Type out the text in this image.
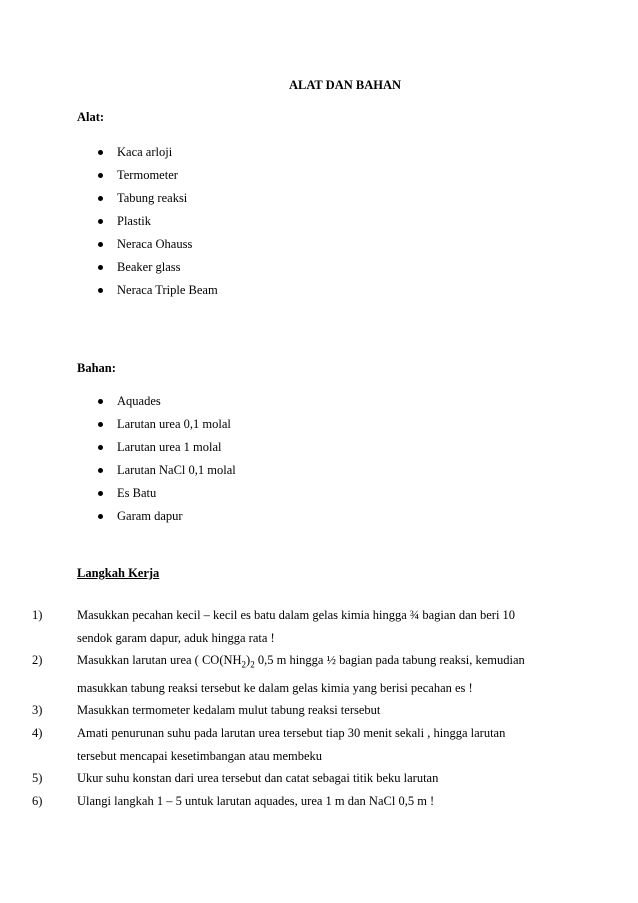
ALAT DAN BAHAN
Alat:
Kaca arloji
Termometer
Tabung reaksi
Plastik
Neraca Ohauss
Beaker glass
Neraca Triple Beam
Bahan:
Aquades
Larutan urea 0,1 molal
Larutan urea 1 molal
Larutan NaCl 0,1 molal
Es Batu
Garam dapur
Langkah Kerja
1)	Masukkan pecahan kecil – kecil es batu dalam gelas kimia hingga ¾ bagian dan beri 10
sendok garam dapur, aduk hingga rata !
2)	Masukkan larutan urea ( $CO(NH_2)_2$ 0,5 m hingga ½ bagian pada tabung reaksi, kemudian
masukkan tabung reaksi tersebut ke dalam gelas kimia yang berisi pecahan es !
3)	Masukkan termometer kedalam mulut tabung reaksi tersebut
4)	Amati penurunan suhu pada larutan urea tersebut tiap 30 menit sekali , hingga larutan
tersebut mencapai kesetimbangan atau membeku
5)	Ukur suhu konstan dari urea tersebut dan catat sebagai titik beku larutan
6)	Ulangi langkah 1 – 5 untuk larutan aquades, urea 1 m dan NaCl 0,5 m !
